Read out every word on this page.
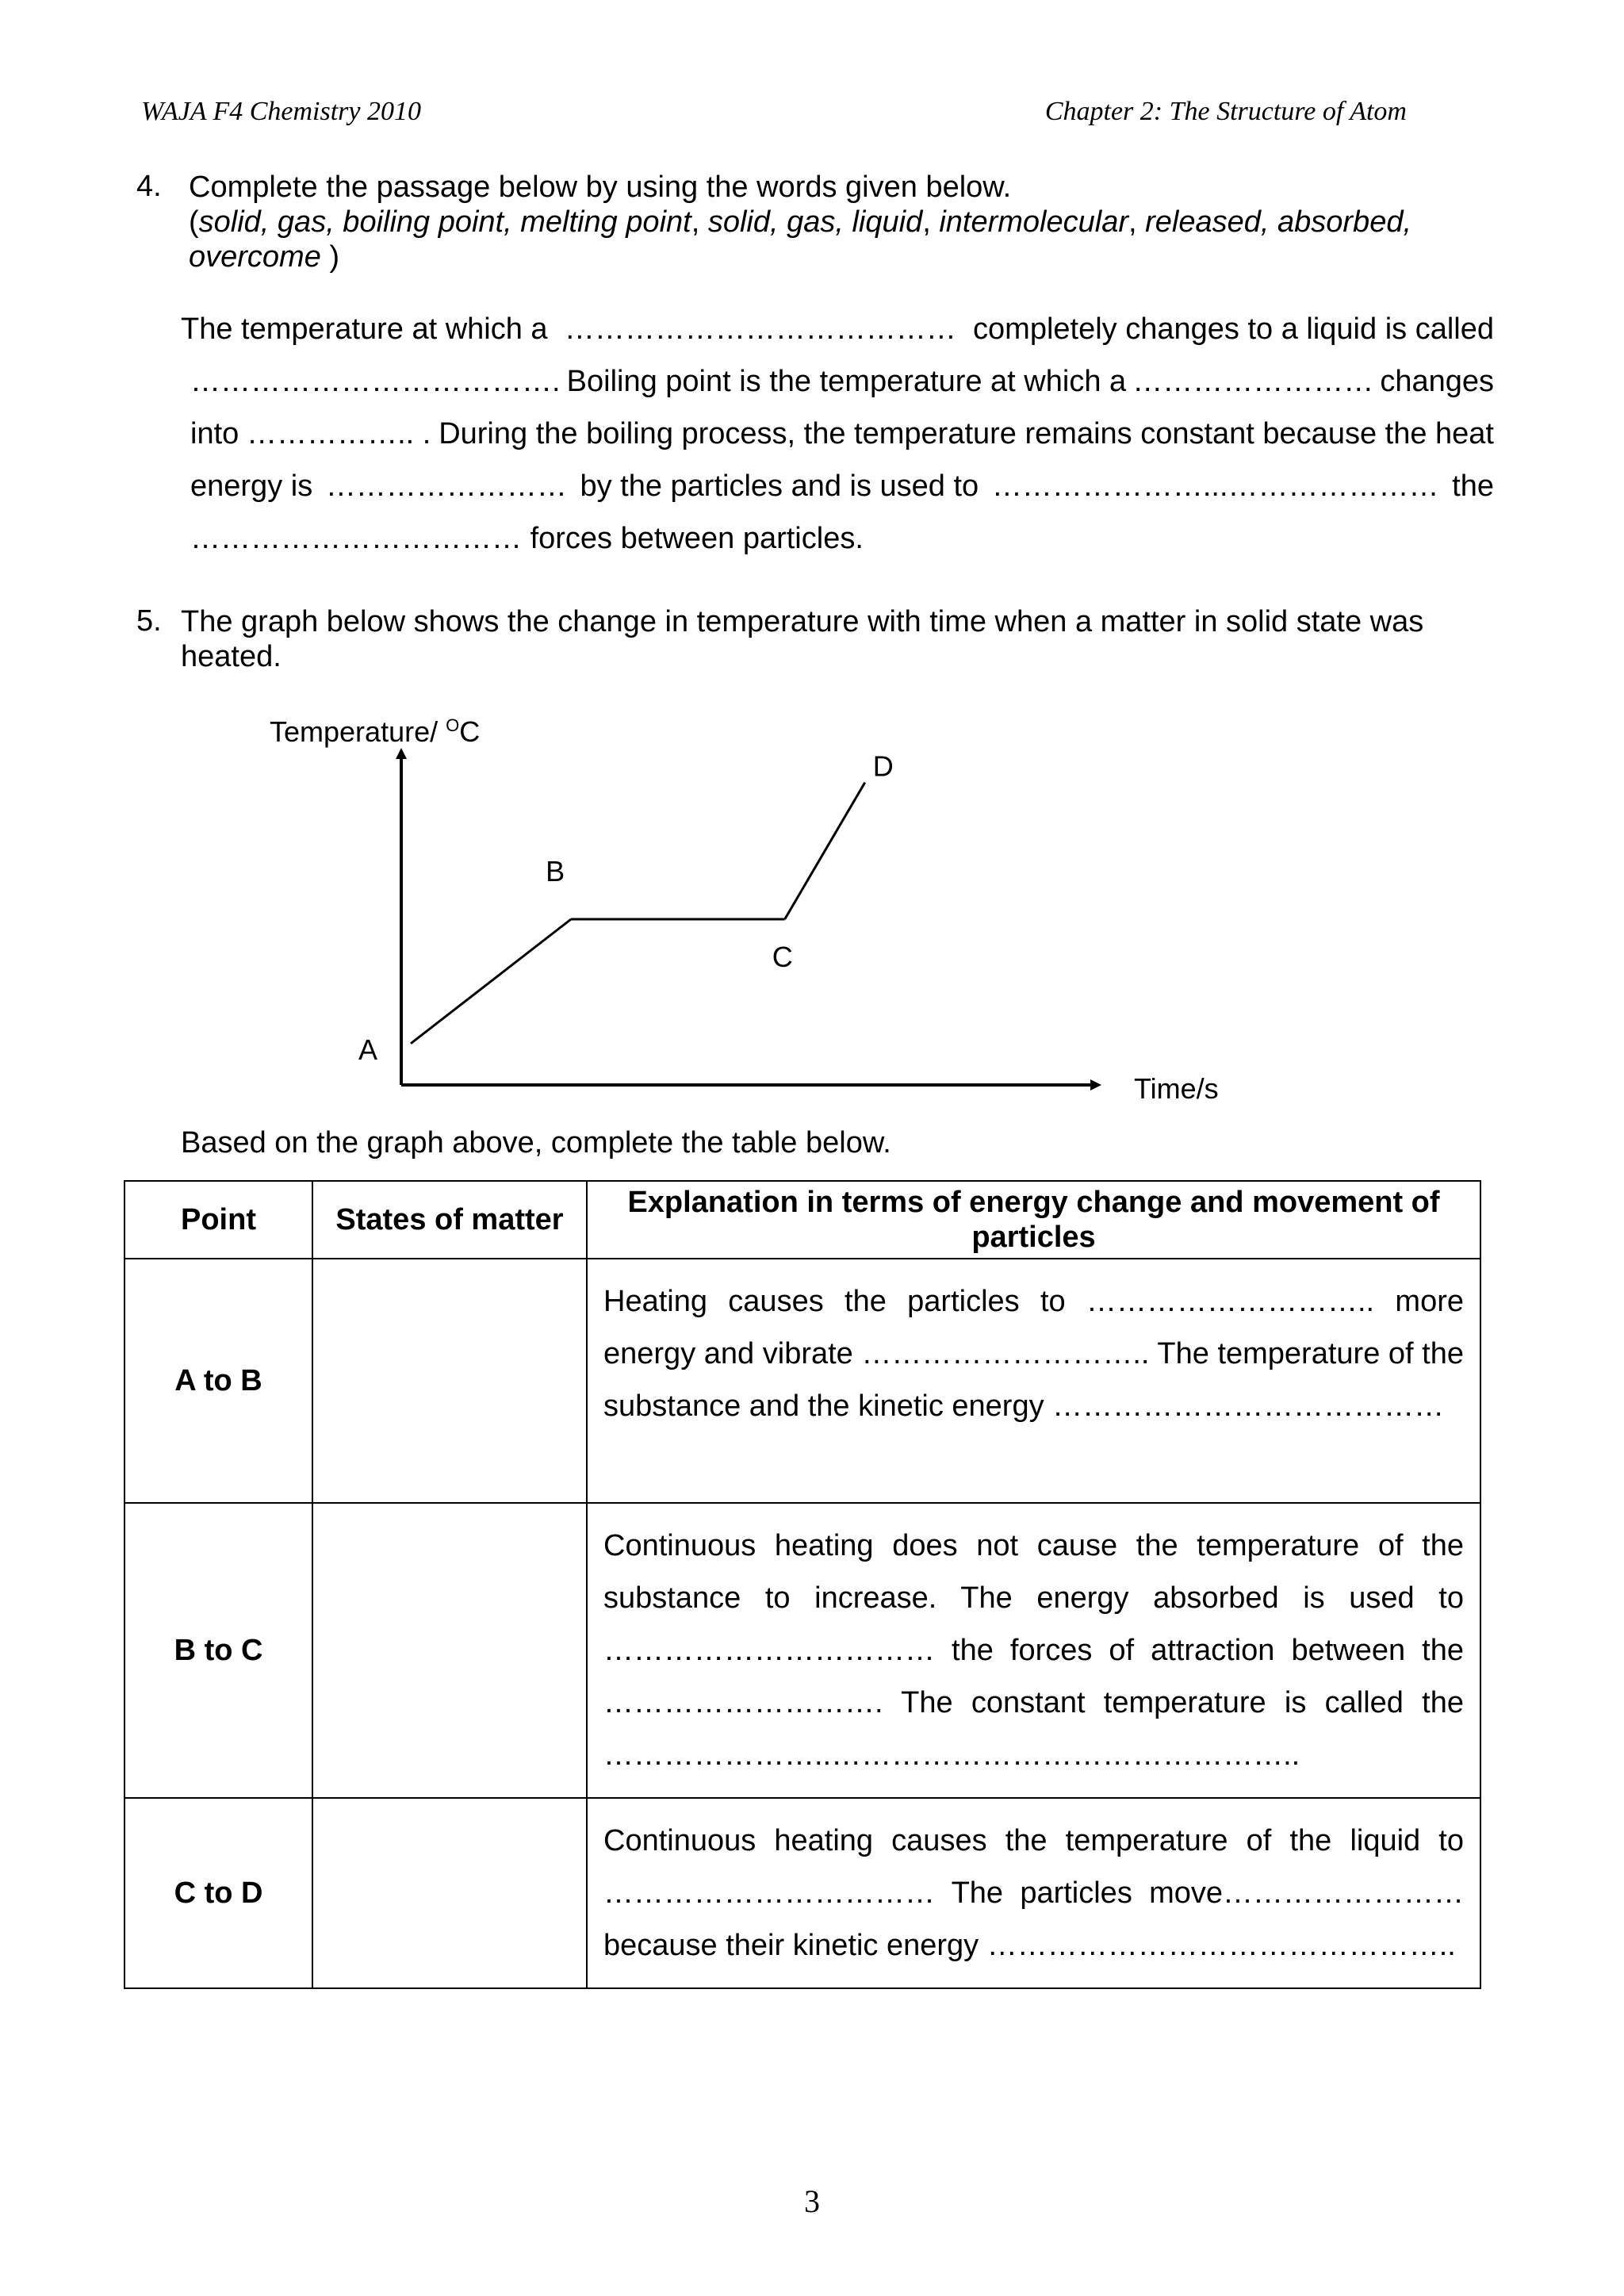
WAJA F4 Chemistry 2010	Chapter 2: The Structure of Atom
4. Complete the passage below by using the words given below.
(solid, gas, boiling point, melting point, solid, gas, liquid, intermolecular, released, absorbed,
overcome )
The temperature at which a ………………………………… completely changes to a liquid is called
………………………………. Boiling point is the temperature at which a …………………… changes
into …………….. . During the boiling process, the temperature remains constant because the heat
energy is …………………… by the particles and is used to …………………...………………… the
……………………………
forces between particles.
5. The graph below shows the change in temperature with time when a matter in solid state was
heated.
Temperature/ $^O$C
Time/s
A
B
C
D
Based on the graph above, complete the table below.
Point	States of matter	Explanation in terms of energy change and movement of particles
A to B		Heating causes the particles to ……………………….. more energy and vibrate ……………………….. The temperature of the substance and the kinetic energy …………………………………
B to C		Continuous heating does not cause the temperature of the substance to increase. The energy absorbed is used to …………………………… the forces of attraction between the ………………………. The constant temperature is called the …………………..………………………………………..
C to D		Continuous heating causes the temperature of the liquid to …………………………… The particles move…………………… because their kinetic energy ………………………………………..
3
